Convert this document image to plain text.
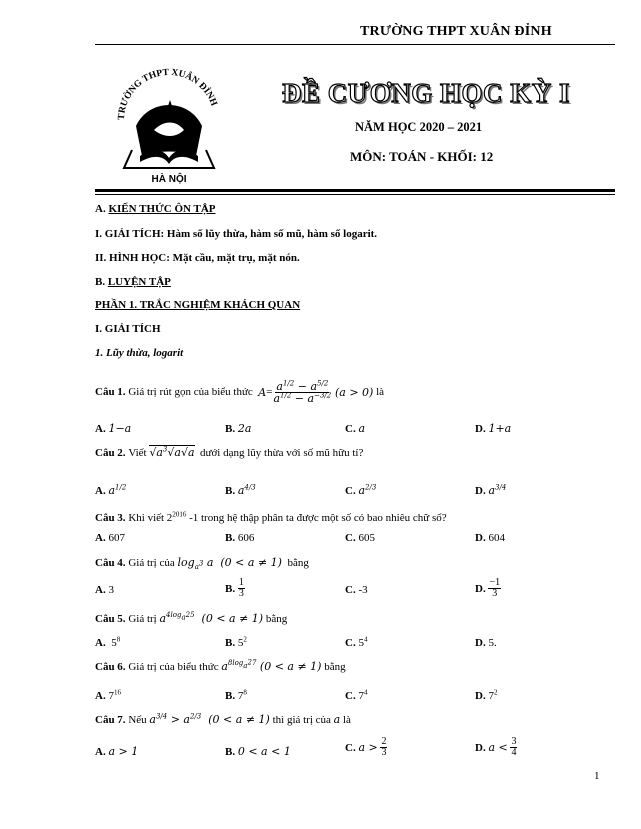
TRƯỜNG THPT XUÂN ĐỈNH
TRƯỜNG THPT XUÂN ĐỈNH
HÀ NỘI
ĐỀ CƯƠNG HỌC KỲ I
NĂM HỌC 2020 – 2021
MÔN: TOÁN - KHỐI: 12
A. KIẾN THỨC ÔN TẬP
I. GIẢI TÍCH: Hàm số lũy thừa, hàm số mũ, hàm số logarit.
II. HÌNH HỌC: Mặt cầu, mặt trụ, mặt nón.
B. LUYỆN TẬP
PHẦN 1. TRẮC NGHIỆM KHÁCH QUAN
I. GIẢI TÍCH
1. Lũy thừa, logarit
Câu 1.
Giá trị rút gọn của biểu thức
$A = \frac{a^{1/2} - a^{5/2}}{a^{1/2} - a^{-3/2}}$
(a > 0)
là
A. 1−a	B. 2a	C. a	D. 1+a
Câu 2. Viết $√a^3√a√a$ dưới dạng lũy thừa với số mũ hữu tỉ?
A. $a^{1/2}$	B. $a^{4/3}$	C. $a^{2/3}$	D. $a^{3/4}$
Câu 3. Khi viết $2^{2016}$ -1 trong hệ thập phân ta được một số có bao nhiêu chữ số?
A. 607	B. 606	C. 605	D. 604
Câu 4. Giá trị của $\log_{a^3} a$  (0 < a ≠ 1) bằng
A. 3	B.
$\frac{1}{3}$	C. -3	D.
$\frac{-1}{3}$
Câu 5. Giá trị $a^{4log_a25}$  (0 < a ≠ 1) bằng
A.  $5^8$	B. $5^2$	C. $5^4$	D. 5.
Câu 6. Giá trị của biểu thức $a^{8log_{a^2}7}$ (0 < a ≠ 1) bằng
A. $7^{16}$	B. $7^8$	C. $7^4$	D. $7^2$
Câu 7. Nếu $a^{3/4} > a^{2/3}$  (0 < a ≠ 1) thì giá trị của a là
A. a > 1	B. 0 < a < 1	C.
a >
$\frac{2}{3}$	D.
a <
$\frac{3}{4}$
1
